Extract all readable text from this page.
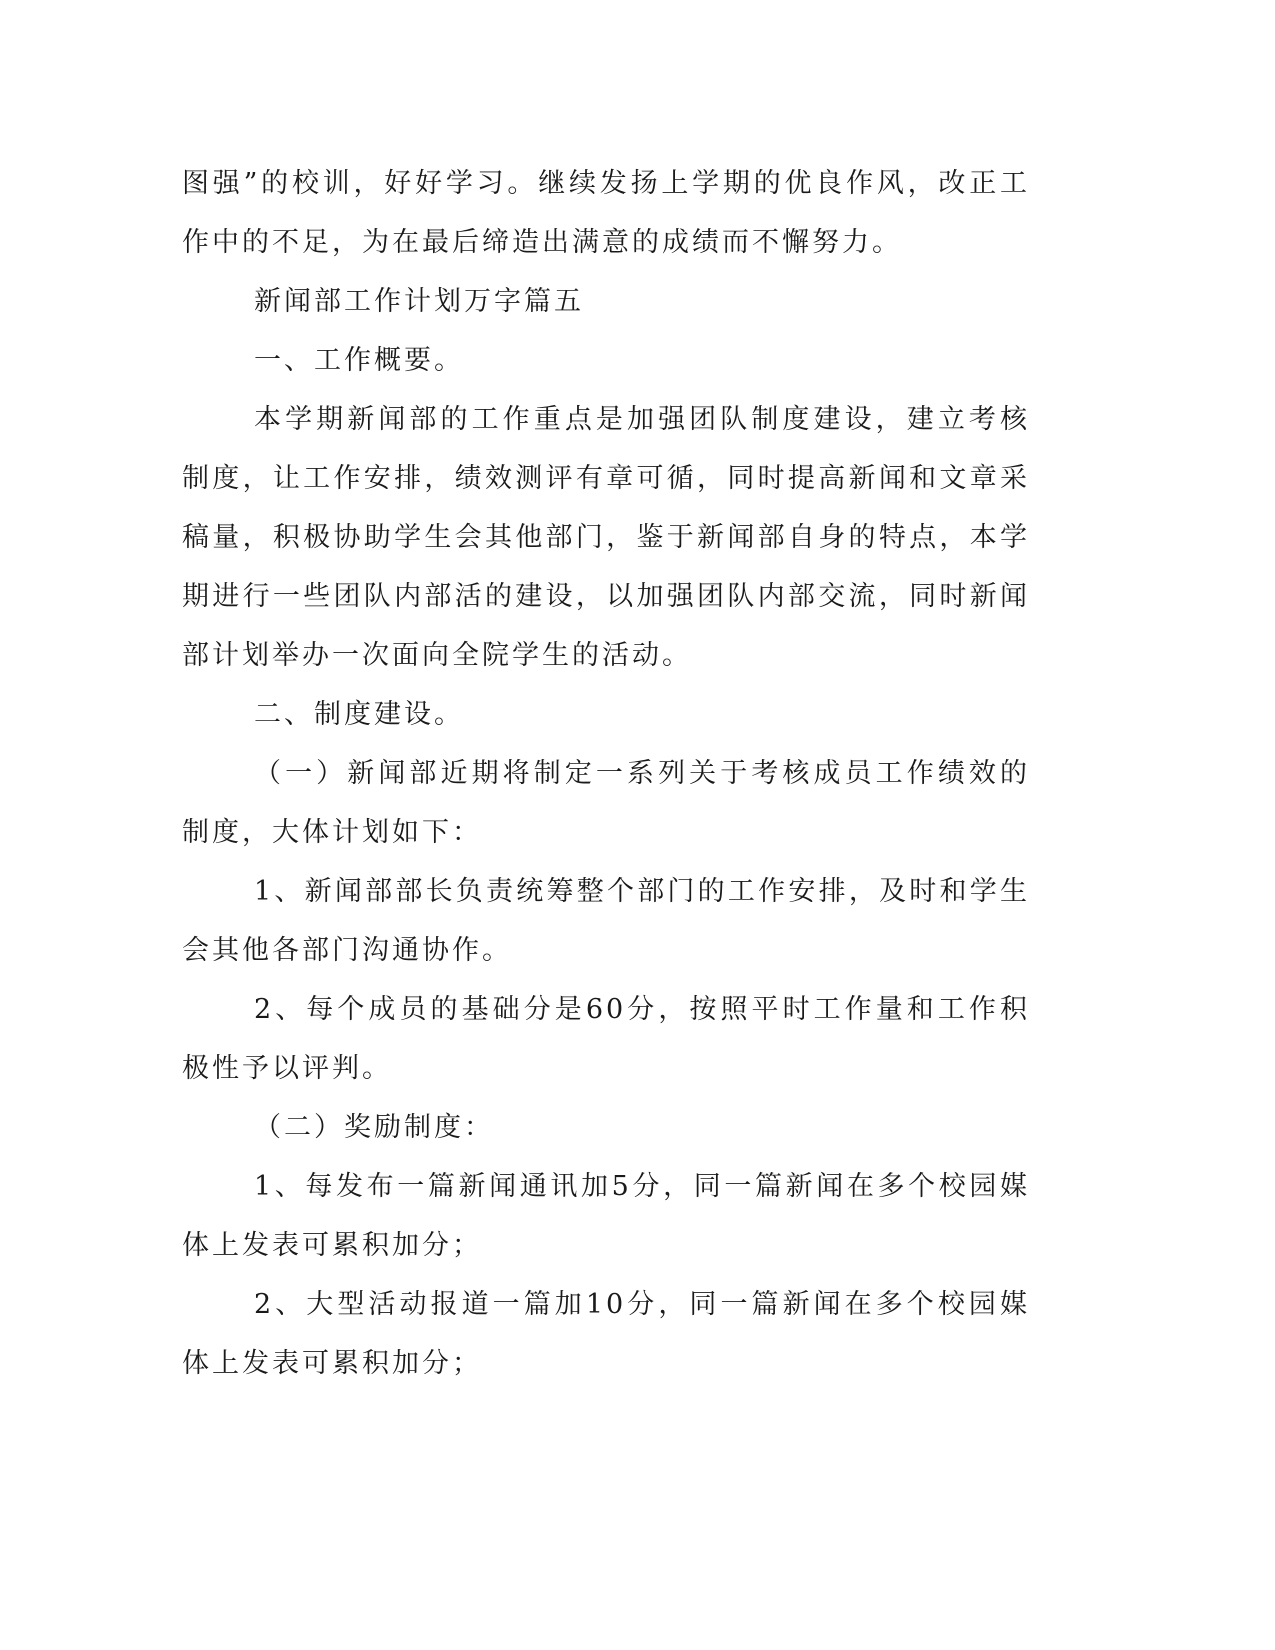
图强”的校训，好好学习。继续发扬上学期的优良作风，改正工作中的不足，为在最后缔造出满意的成绩而不懈努力。

新闻部工作计划万字篇五

一、工作概要。

本学期新闻部的工作重点是加强团队制度建设，建立考核制度，让工作安排，绩效测评有章可循，同时提高新闻和文章采稿量，积极协助学生会其他部门，鉴于新闻部自身的特点，本学期进行一些团队内部活的建设，以加强团队内部交流，同时新闻部计划举办一次面向全院学生的活动。

二、制度建设。

（一）新闻部近期将制定一系列关于考核成员工作绩效的制度，大体计划如下：

1、新闻部部长负责统筹整个部门的工作安排，及时和学生会其他各部门沟通协作。

2、每个成员的基础分是60分，按照平时工作量和工作积极性予以评判。

（二）奖励制度：

1、每发布一篇新闻通讯加5分，同一篇新闻在多个校园媒体上发表可累积加分；

2、大型活动报道一篇加10分，同一篇新闻在多个校园媒体上发表可累积加分；
